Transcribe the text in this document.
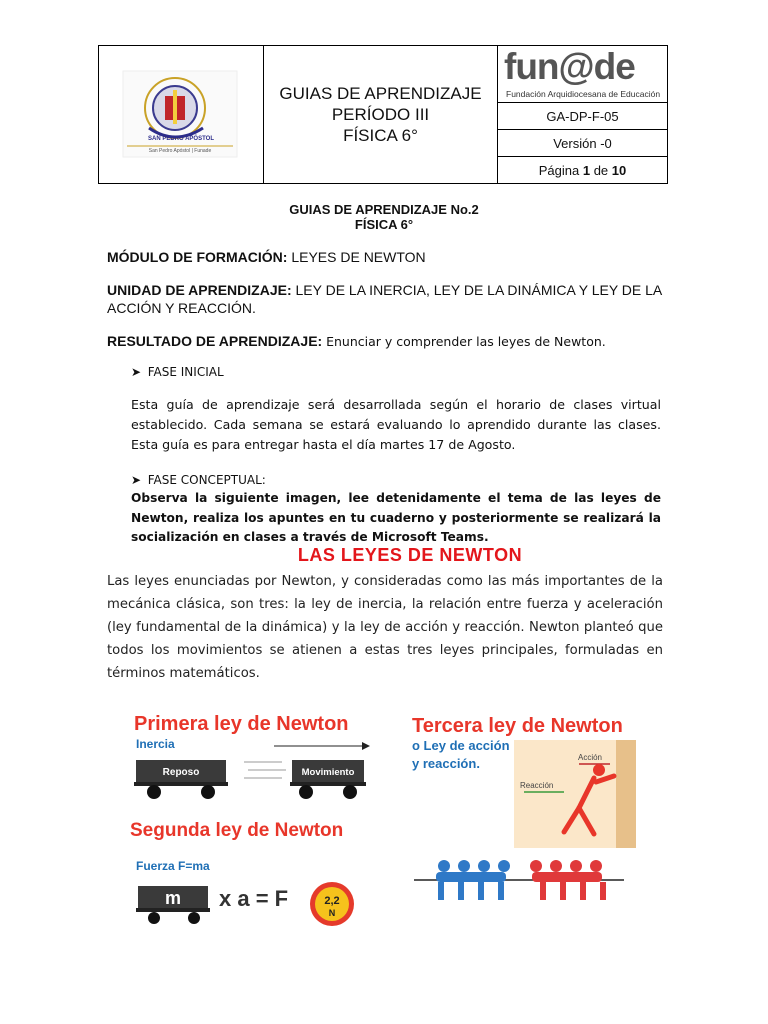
SAN PEDRO APÓSTOL
San Pedro Apóstol | Funade
GUIAS DE APRENDIZAJE
PERÍODO III
FÍSICA 6°
fun@de
Fundación Arquidiocesana de Educación
GA-DP-F-05
Versión -0
Página
1
de
10
GUIAS DE APRENDIZAJE No.2
FÍSICA 6°
MÓDULO DE FORMACIÓN: LEYES DE NEWTON
UNIDAD DE APRENDIZAJE: LEY DE LA INERCIA, LEY DE LA DINÁMICA Y LEY DE LA ACCIÓN Y REACCIÓN.
RESULTADO DE APRENDIZAJE: Enunciar y comprender las leyes de Newton.
➤ FASE INICIAL
Esta guía de aprendizaje será desarrollada según el horario de clases virtual establecido. Cada semana se estará evaluando lo aprendido durante las clases. Esta guía es para entregar hasta el día martes 17 de Agosto.
➤ FASE CONCEPTUAL:
Observa la siguiente imagen, lee detenidamente el tema de las leyes de Newton, realiza los apuntes en tu cuaderno y posteriormente se realizará la socialización en clases a través de Microsoft Teams.
LAS LEYES DE NEWTON
Las leyes enunciadas por Newton, y consideradas como las más importantes de la mecánica clásica, son tres: la ley de inercia, la relación entre fuerza y aceleración (ley fundamental de la dinámica) y la ley de acción y reacción. Newton planteó que todos los movimientos se atienen a estas tres leyes principales, formuladas en términos matemáticos.
Primera ley de Newton
Inercia
Reposo	Movimiento
Tercera ley de Newton
o Ley de acción
y reacción.	Acción
Reacción
Segunda ley de Newton
Fuerza F=ma
m x a = F	2,2
N
